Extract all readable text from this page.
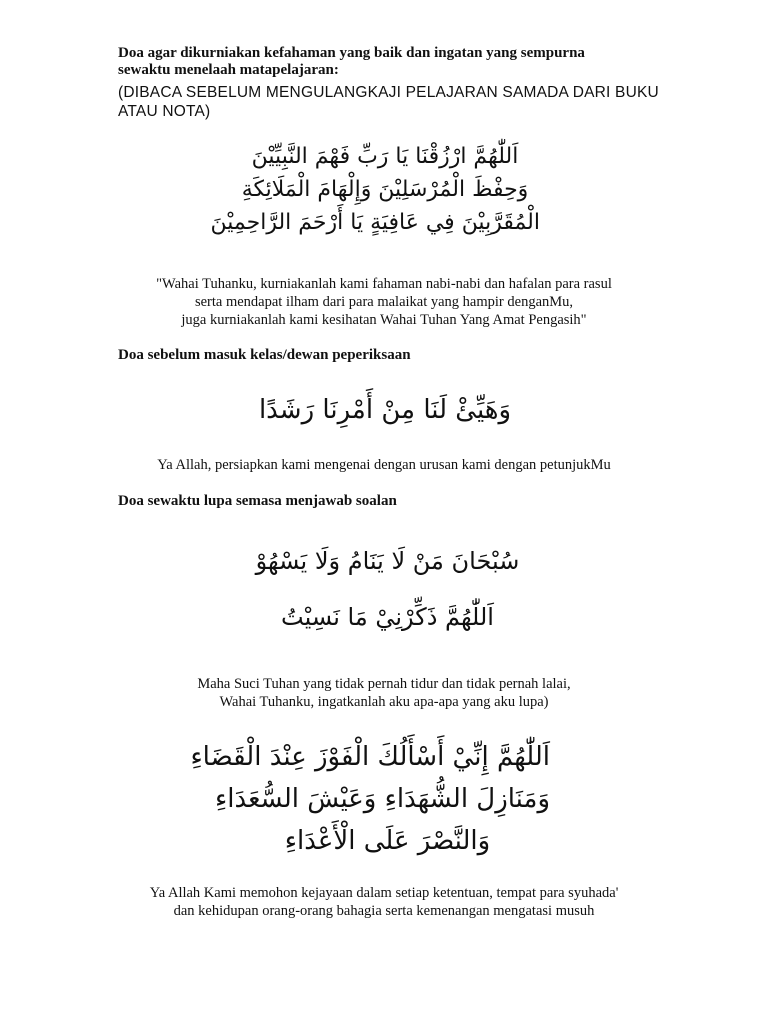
Doa agar dikurniakan kefahaman yang baik dan ingatan yang sempurna
sewaktu menelaah matapelajaran:
(DIBACA SEBELUM MENGULANGKAJI PELAJARAN SAMADA DARI BUKU
ATAU NOTA)
اَللّٰهُمَّ ارْزُقْنَا يَا رَبِّ فَهْمَ النَّبِيِّيْنَ
وَحِفْظَ الْمُرْسَلِيْنَ وَإِلْهَامَ الْمَلَائِكَةِ
الْمُقَرَّبِيْنَ فِي عَافِيَةٍ يَا أَرْحَمَ الرَّاحِمِيْنَ
"Wahai Tuhanku, kurniakanlah kami fahaman nabi-nabi dan hafalan para rasul
serta mendapat ilham dari para malaikat yang hampir denganMu,
juga kurniakanlah kami kesihatan Wahai Tuhan Yang Amat Pengasih"
Doa sebelum masuk kelas/dewan peperiksaan
وَهَيِّئْ لَنَا مِنْ أَمْرِنَا رَشَدًا
Ya Allah, persiapkan kami mengenai dengan urusan kami dengan petunjukMu
Doa sewaktu lupa semasa menjawab soalan
سُبْحَانَ مَنْ لَا يَنَامُ وَلَا يَسْهُوْ
اَللّٰهُمَّ ذَكِّرْنِيْ مَا نَسِيْتُ
Maha Suci Tuhan yang tidak pernah tidur dan tidak pernah lalai,
Wahai Tuhanku, ingatkanlah aku apa-apa yang aku lupa)
اَللّٰهُمَّ إِنِّيْ أَسْأَلُكَ الْفَوْزَ عِنْدَ الْقَضَاءِ
وَمَنَازِلَ الشُّهَدَاءِ وَعَيْشَ السُّعَدَاءِ
وَالنَّصْرَ عَلَى الْأَعْدَاءِ
Ya Allah Kami memohon kejayaan dalam setiap ketentuan, tempat para syuhada'
dan kehidupan orang-orang bahagia serta kemenangan mengatasi musuh
